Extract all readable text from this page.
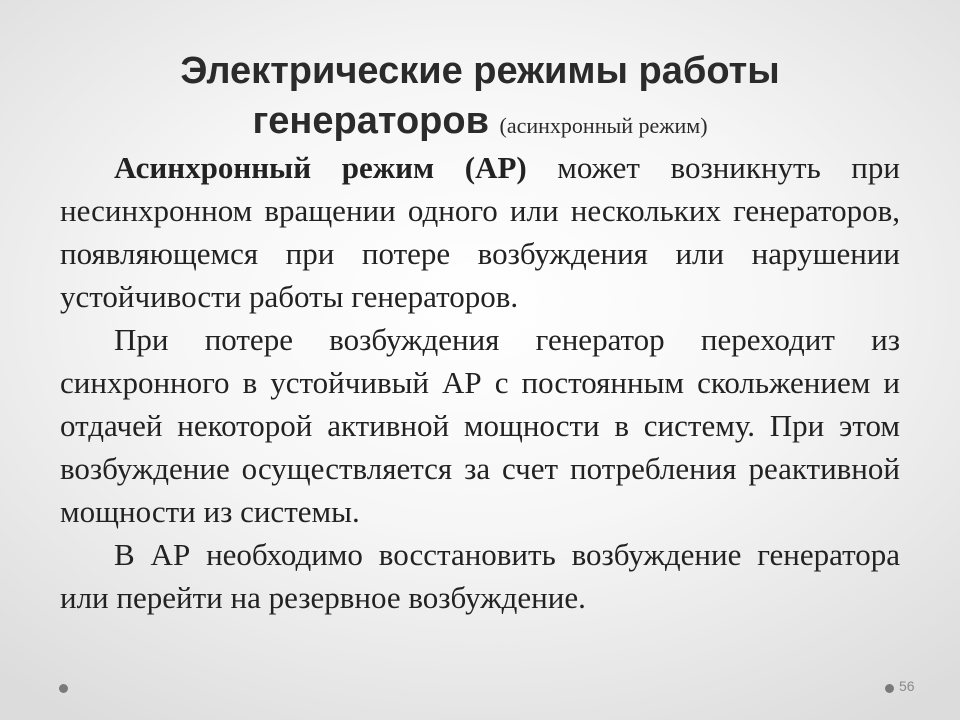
Электрические режимы работы
генераторов (асинхронный режим)

Асинхронный режим (АР) может возникнуть при несинхронном вращении одного или нескольких генераторов, появляющемся при потере возбуждения или нарушении устойчивости работы генераторов.

При потере возбуждения генератор переходит из синхронного в устойчивый АР с постоянным скольжением и отдачей некоторой активной мощности в систему. При этом возбуждение осуществляется за счет потребления реактивной мощности из системы.

В АР необходимо восстановить возбуждение генератора или перейти на резервное возбуждение.

56
